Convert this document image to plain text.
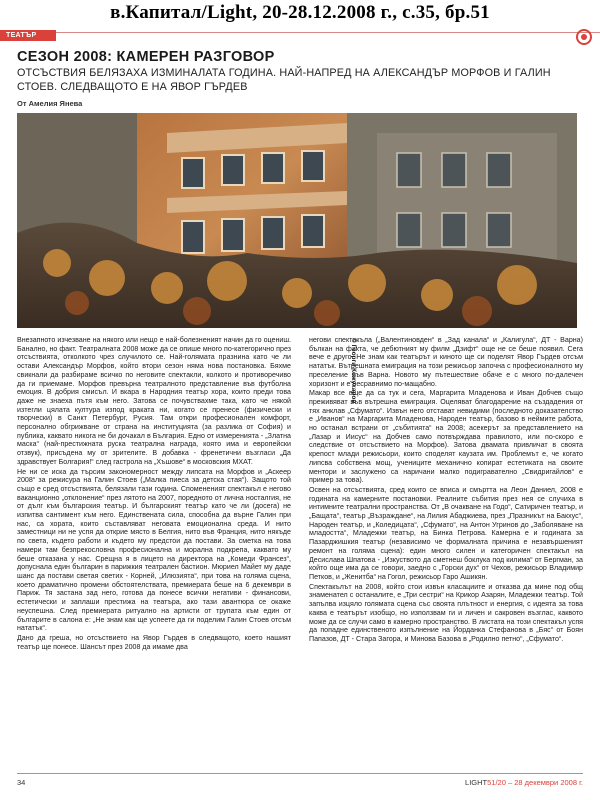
в.Капитал/Light, 20-28.12.2008 г., с.35, бр.51
ТЕАТЪР
СЕЗОН 2008: КАМЕРЕН РАЗГОВОР
ОТСЪСТВИЯ БЕЛЯЗАХА ИЗМИНАЛАТА ГОДИНА. НАЙ-НАПРЕД НА АЛЕКСАНДЪР МОРФОВ И ГАЛИН СТОЕВ. СЛЕДВАЩОТО Е НА ЯВОР ГЪРДЕВ
От Амелия Янева
© Георги Кожухаров

Внезапното изчезване на някого или нещо е най-болезненият начин да го оцениш. Банално, но факт. Театралната 2008 може да се опише много по-категорично през отсъствията, отколкото чрез случилото се. Най-голямата празнина като че ли остави Александър Морфов, който втори сезон няма нова постановка. Бяхме свикнали да разбираме всичко по неговите спектакли, колкото и противоречиво да ги приемаме. Морфов превърна театралното представление във футболна емоция. В добрия смисъл. И вкара в Народния театър хора, които преди това даже не знаеха пътя към него. Затова се почувствахме така, като че някой изтегли цялата култура изпод краката ни, когато се пренесе (физически и творчески) в Санкт Петербург, Русия. Там откри професионален комфорт, персонално обгрижване от страна на институцията (за разлика от София) и публика, каквато никога не би дочакал в България. Едно от измеренията - „Златна маска“ (най-престижната руска театрална награда, която има и европейски отзвук), присъдена му от зрителите. В добавка - френетични възгласи „Да здравствует Болгария!“ след гастрола на „Хъшове“ в московския МХАТ.

Не ни се иска да търсим закономерност между липсата на Морфов и „Аскеер 2008“ за режисура на Галин Стоев („Малка пиеса за детска стая“). Защото той също е сред отсъствията, белязали тази година. Спомененият спектакъл е негово ваканционно „отклонение“ през лятото на 2007, поредното от лична носталгия, не от дълг към българския театър. И българският театър като че ли (досега) не изпитва сантимент към него. Единствената сила, способна да върне Галин при нас, са хората, които съставляват неговата емоционална среда. И нито заместници ни не успя да открие място в Белгия, нито във Франция, нито някъде по света, където работи и където му предстои да постави. За сметка на това намери там безпрекословна професионална и морална подкрепа, каквато му беше отказана у нас. Срещна я в лицето на директора на „Комеди Франсез“, допуснала един българин в парижкия театрален бастион. Мюриел Майет му даде шанс да постави светая светих - Корней, „Илюзията“, при това на голяма сцена, което драматично промени обстоятелствата, премиерата беше на 6 декември в Париж. Тя застана зад него, готова да понесе всички негативи - финансови, естетически и заплаши престижа на театъра, ако тази авантюра се окаже неуспешна. След премиерата ритуално на артисти от трупата към един от българите в салона е: „Не знам как ще успеете да ги поделим Галин Стоев отсъм нататък“.

Дано да греша, но отсъствието на Явор Гърдев в следващото, което нашият театър ще понесе. Шансът през 2008 да имаме два

негови спектакъла („Валентиновден“ в „Зад канала“ и „Калигула“, ДТ - Варна) бълкан на факта, че дебютният му филм „Дзифт“ още не се беше появил. Сега вече е друго. Не знам как театърът и киното ще си поделят Явор Гърдев отсъм нататък. Вътрешната емиграция на този режисьор започна с професионалното му преселение във Варна. Новото му пътешествие обаче е с много по-далечен хоризонт и е несравнимо по-мащабно.

Макар все още да са тук и сега, Маргарита Младенова и Иван Добчев също преживяват във вътрешна емиграция. Оцеляват благодарение на създадения от тях анклав „Сфумато“. Извън него отстават невидими (последното доказателство е „Иванов“ на Маргарита Младенова, Народен театър, базово в неймите работа, но останал встрани от „събитията“ на 2008; асекерът за представлението на „Лазар и Иисус“ на Добчев само потвърждава правилото, или по-скоро е следствие от отсъствието на Морфов). Затова двамата привличат в своята крепост млади режисьори, които споделят каузата им. Проблемът е, че когато липсва собствена мощ, учениците механично копират естетиката на своите ментори и заслужено са наричани малко подигравателно „Свидригайлов“ е пример за това).

Освен на отсъствията, сред които се вписа и смъртта на Леон Даниел, 2008 е годината на камерните постановки. Реалните събития през нея се случиха в интимните театрални пространства. От „В очакване на Годо“, Сатиричен театър, и „Бащата“, театър „Възраждане“, на Лилия Абаджиева, през „Празникът на Бакхус“, Народен театър, и „Коледицата“, „Сфумато“, на Антон Угринов до „Заболяване на младостта“, Младежки театър, на Бинка Петрова. Камерна е и годината за Пазарджишкия театър (независимо че формалната причина е незавършеният ремонт на голяма сцена): един много силен и категоричен спектакъл на Десислава Шпатова - „Изкуството да сметнеш боклука под килима“ от Бергман, за който още има да се говори, заедно с „Горски дух“ от Чехов, режисьор Владимир Петков, и „Женитба“ на Гогол, режисьор Гаро Ашикян.

Спектакълът на 2008, който стои извън класациите и отказва да мине под общ знаменател с останалите, е „Три сестри“ на Крикор Азарян, Младежки театър. Той запълва изцяло голямата сцена със своята плътност и енергия, с идеята за това каква е театърът изобщо, но използвам ги и личен и сакровен възглас, каквото може да се случи само в камерно пространство. В листата на този спектакъл успя да попадне единственото изпълнение на Йорданка Стефанова в „Бяс“ от Боян Папазов, ДТ - Стара Загора, и Минова Базова в „Родилно петно“, „Сфумато“.

34	LIGHT51/20 – 28 декември 2008 г.
